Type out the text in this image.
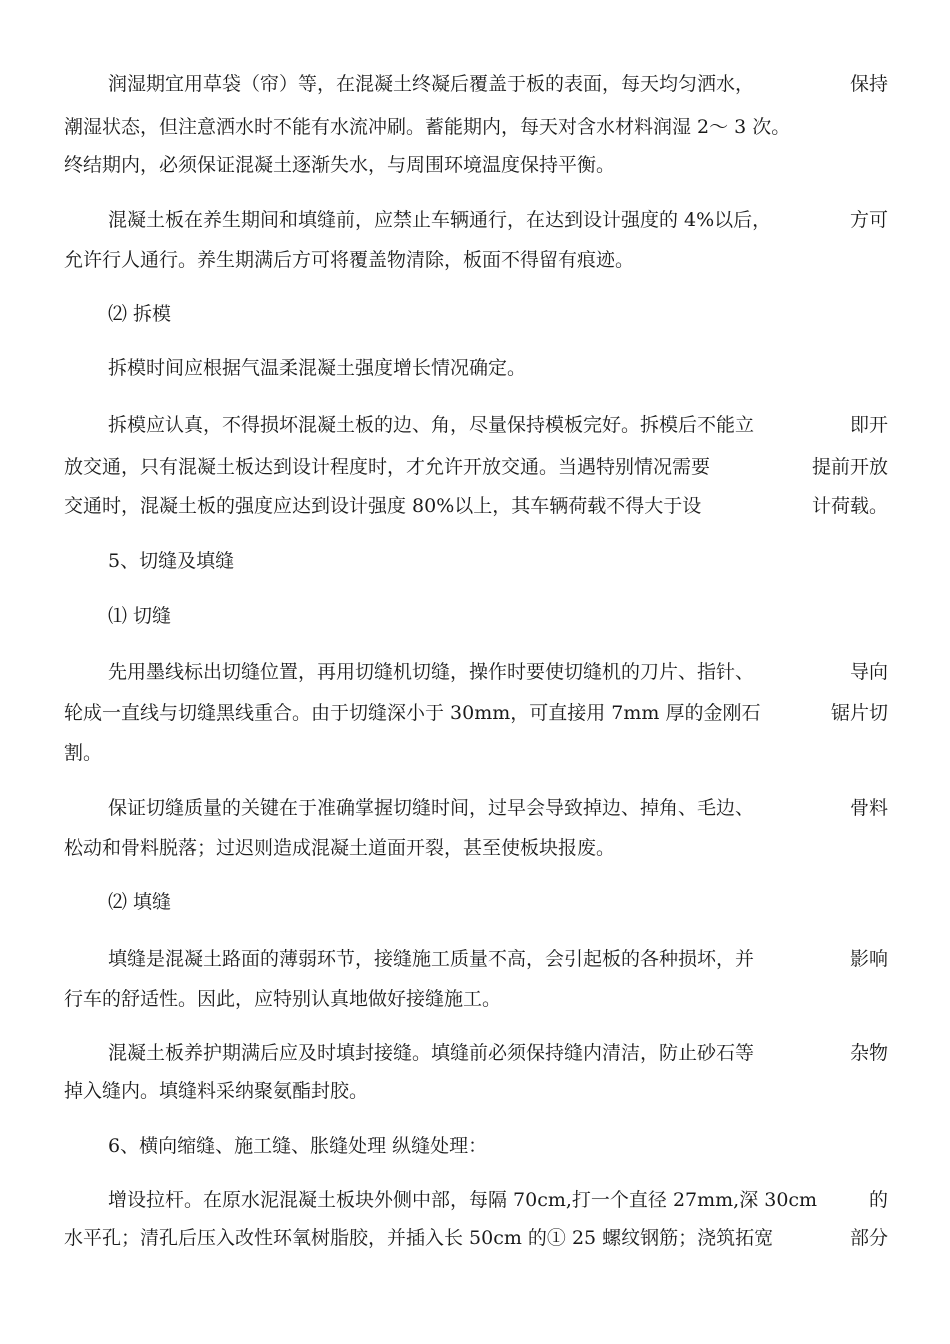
润湿期宜用草袋（帘）等，在混凝土终凝后覆盖于板的表面，每天均匀洒水，	保持
潮湿状态，但注意洒水时不能有水流冲刷。蓄能期内，每天对含水材料润湿 2〜 3 次。
终结期内，必须保证混凝土逐渐失水，与周围环境温度保持平衡。
混凝土板在养生期间和填缝前，应禁止车辆通行，在达到设计强度的 4%以后，	方可
允许行人通行。养生期满后方可将覆盖物清除，板面不得留有痕迹。
⑵ 拆模
拆模时间应根据气温柔混凝土强度增长情况确定。
拆模应认真，不得损坏混凝土板的边、角，尽量保持模板完好。拆模后不能立	即开
放交通，只有混凝土板达到设计程度时，才允许开放交通。当遇特别情况需要	提前开放
交通时，混凝土板的强度应达到设计强度 80%以上，其车辆荷载不得大于设	计荷载。
5、切缝及填缝
⑴ 切缝
先用墨线标出切缝位置，再用切缝机切缝，操作时要使切缝机的刀片、指针、	导向
轮成一直线与切缝黑线重合。由于切缝深小于 30mm，可直接用 7mm 厚的金刚石	锯片切
割。
保证切缝质量的关键在于准确掌握切缝时间，过早会导致掉边、掉角、毛边、	骨料
松动和骨料脱落；过迟则造成混凝土道面开裂，甚至使板块报废。
⑵ 填缝
填缝是混凝土路面的薄弱环节，接缝施工质量不高，会引起板的各种损坏，并	影响
行车的舒适性。因此，应特别认真地做好接缝施工。
混凝土板养护期满后应及时填封接缝。填缝前必须保持缝内清洁，防止砂石等	杂物
掉入缝内。填缝料采纳聚氨酯封胶。
6、横向缩缝、施工缝、胀缝处理 纵缝处理：
增设拉杆。在原水泥混凝土板块外侧中部，每隔 70cm,打一个直径 27mm,深 30cm	的
水平孔；清孔后压入改性环氧树脂胶，并插入长 50cm 的① 25 螺纹钢筋；浇筑拓宽	部分
